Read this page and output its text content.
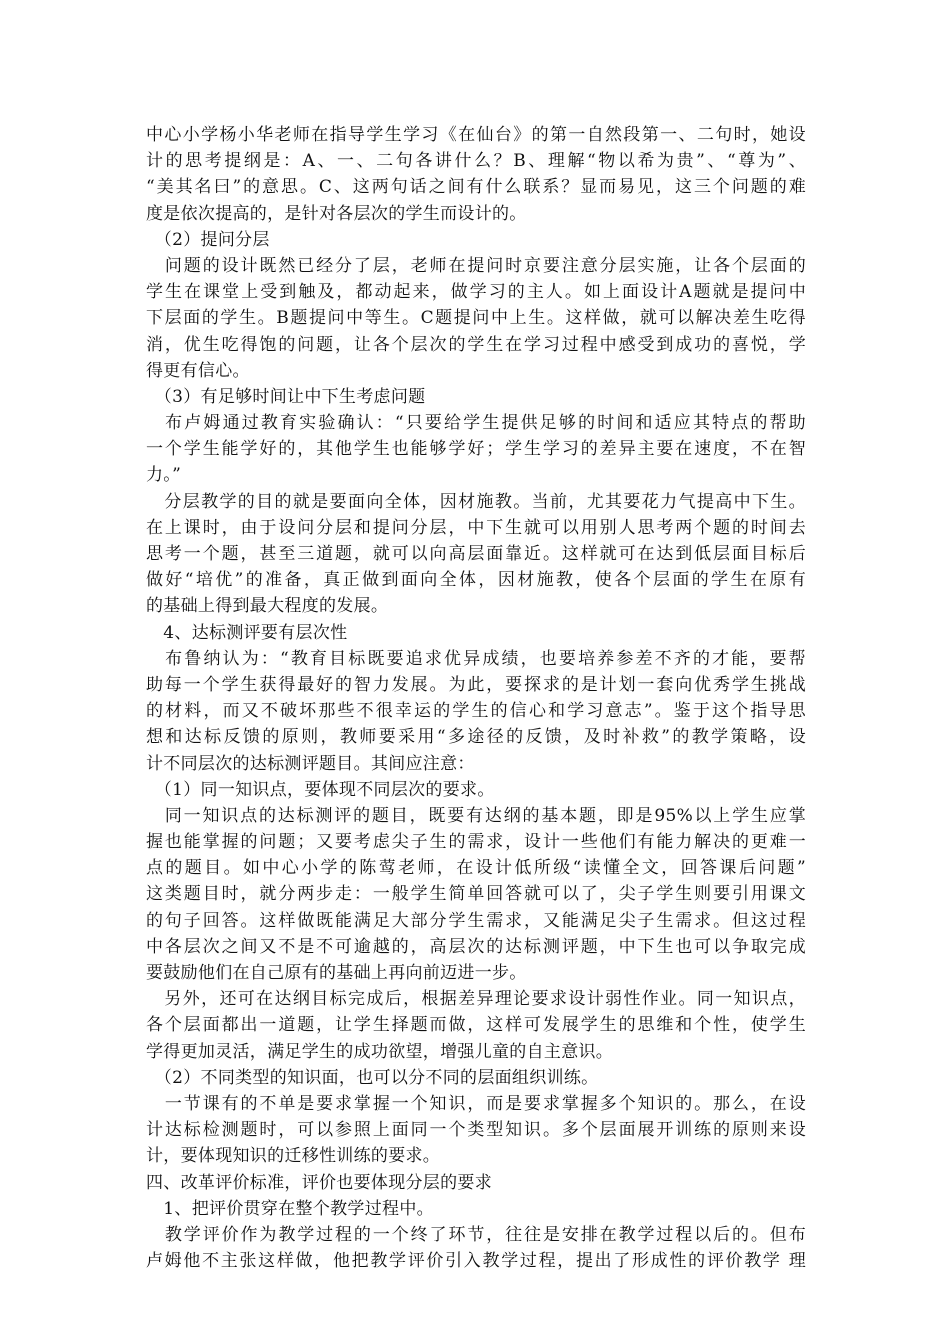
中心小学杨小华老师在指导学生学习《在仙台》的第一自然段第一、二句时，她设
计的思考提纲是：A、一、二句各讲什么？B、理解“物以希为贵”、“尊为”、
“美其名曰”的意思。C、这两句话之间有什么联系？显而易见，这三个问题的难
度是依次提高的，是针对各层次的学生而设计的。
　（2）提问分层
　问题的设计既然已经分了层，老师在提问时京要注意分层实施，让各个层面的
学生在课堂上受到触及，都动起来，做学习的主人。如上面设计A题就是提问中
下层面的学生。B题提问中等生。C题提问中上生。这样做，就可以解决差生吃得
消，优生吃得饱的问题，让各个层次的学生在学习过程中感受到成功的喜悦，学
得更有信心。
　（3）有足够时间让中下生考虑问题
　布卢姆通过教育实验确认：“只要给学生提供足够的时间和适应其特点的帮助
一个学生能学好的，其他学生也能够学好；学生学习的差异主要在速度，不在智
力。”
　分层教学的目的就是要面向全体，因材施教。当前，尤其要花力气提高中下生。
在上课时，由于设问分层和提问分层，中下生就可以用别人思考两个题的时间去
思考一个题，甚至三道题，就可以向高层面靠近。这样就可在达到低层面目标后
做好“培优”的准备，真正做到面向全体，因材施教，使各个层面的学生在原有
的基础上得到最大程度的发展。
　4、达标测评要有层次性
　布鲁纳认为：“教育目标既要追求优异成绩，也要培养参差不齐的才能，要帮
助每一个学生获得最好的智力发展。为此，要探求的是计划一套向优秀学生挑战
的材料，而又不破坏那些不很幸运的学生的信心和学习意志”。鉴于这个指导思
想和达标反馈的原则，教师要采用“多途径的反馈，及时补救”的教学策略，设
计不同层次的达标测评题目。其间应注意：
　（1）同一知识点，要体现不同层次的要求。
　同一知识点的达标测评的题目，既要有达纲的基本题，即是95%以上学生应掌
握也能掌握的问题；又要考虑尖子生的需求，设计一些他们有能力解决的更难一
点的题目。如中心小学的陈莺老师，在设计低所级“读懂全文，回答课后问题”
这类题目时，就分两步走：一般学生简单回答就可以了，尖子学生则要引用课文
的句子回答。这样做既能满足大部分学生需求，又能满足尖子生需求。但这过程
中各层次之间又不是不可逾越的，高层次的达标测评题，中下生也可以争取完成
要鼓励他们在自己原有的基础上再向前迈进一步。
　另外，还可在达纲目标完成后，根据差异理论要求设计弱性作业。同一知识点，
各个层面都出一道题，让学生择题而做，这样可发展学生的思维和个性，使学生
学得更加灵活，满足学生的成功欲望，增强儿童的自主意识。
　（2）不同类型的知识面，也可以分不同的层面组织训练。
　一节课有的不单是要求掌握一个知识，而是要求掌握多个知识的。那么，在设
计达标检测题时，可以参照上面同一个类型知识。多个层面展开训练的原则来设
计，要体现知识的迁移性训练的要求。
四、改革评价标准，评价也要体现分层的要求
　1、把评价贯穿在整个教学过程中。
　教学评价作为教学过程的一个终了环节，往往是安排在教学过程以后的。但布
卢姆他不主张这样做，他把教学评价引入教学过程，提出了形成性的评价教学 理
